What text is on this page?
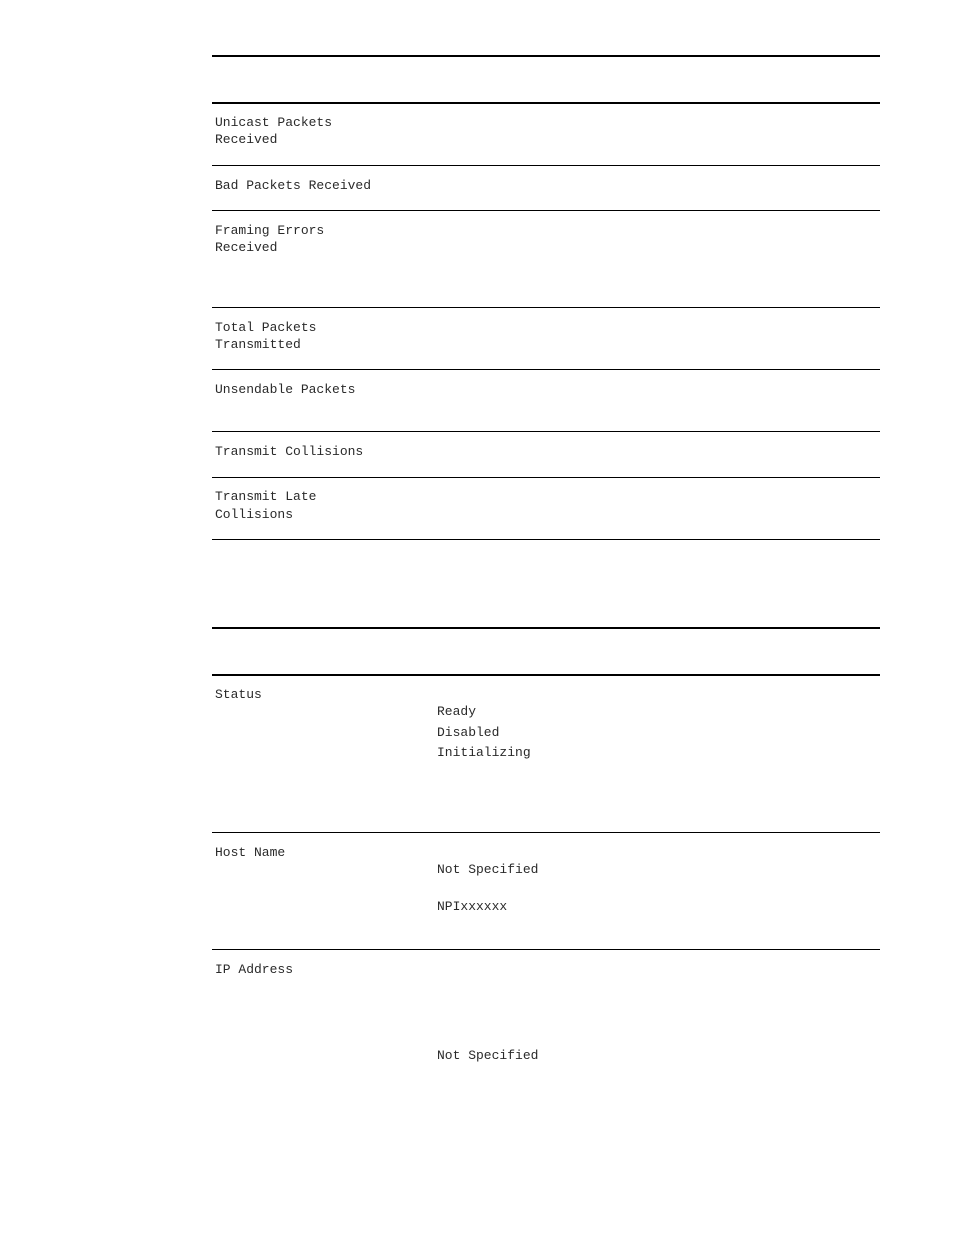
Unicast Packets
Received
Bad Packets Received
Framing Errors
Received
Total Packets
Transmitted
Unsendable Packets
Transmit Collisions
Transmit Late
Collisions
Status
Ready
Disabled
Initializing
Host Name
Not Specified
NPIxxxxxx
IP Address
Not Specified
